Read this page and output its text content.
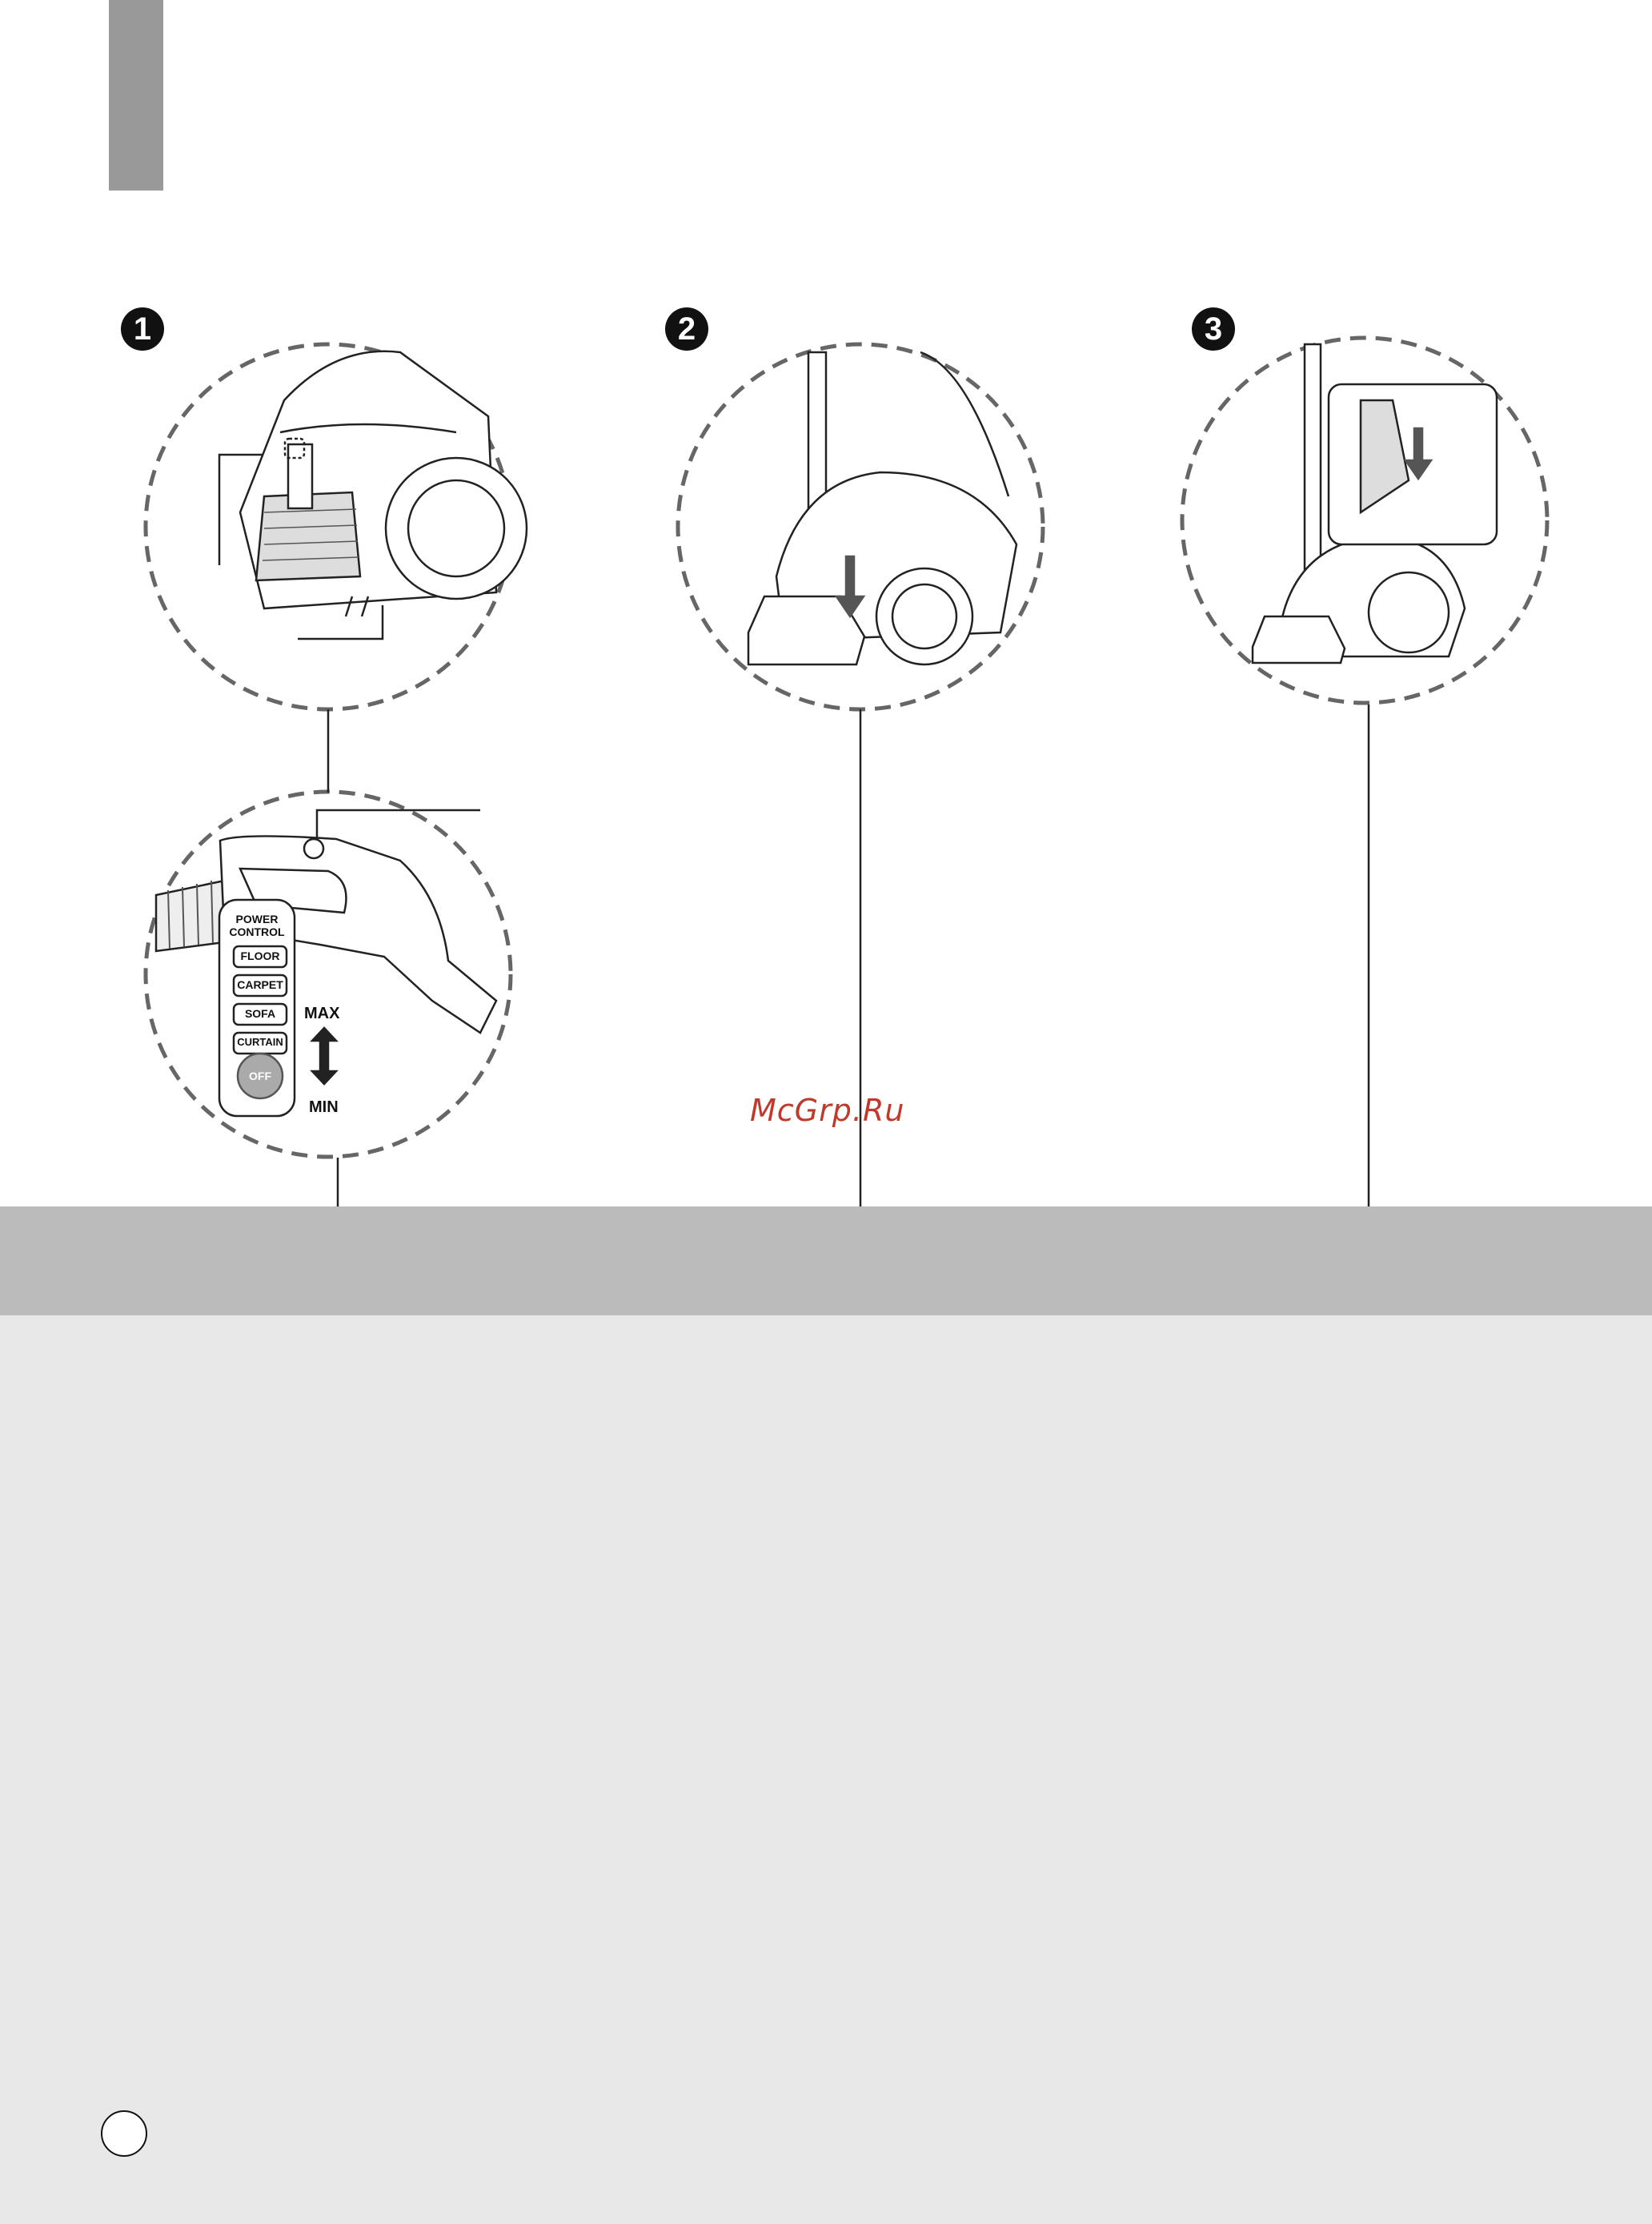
1	2	3
POWER
CONTROL
FLOOR
CARPET
SOFA
CURTAIN
OFF
MAX
MIN	McGrp.Ru
